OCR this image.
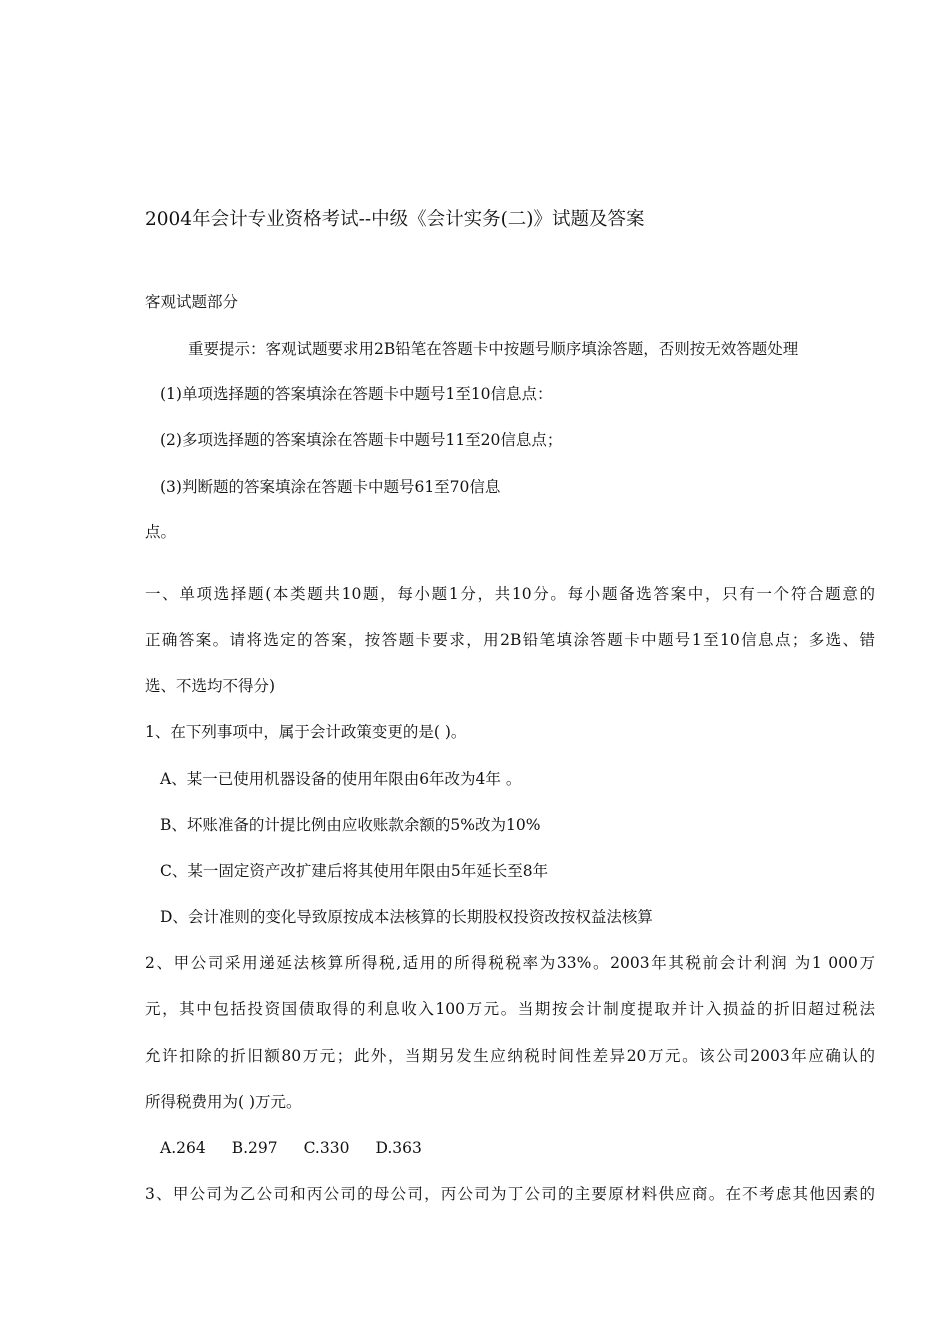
2004年会计专业资格考试--中级《会计实务(二)》试题及答案
客观试题部分
重要提示：客观试题要求用2B铅笔在答题卡中按题号顺序填涂答题，否则按无效答题处理
(1)单项选择题的答案填涂在答题卡中题号1至10信息点：
(2)多项选择题的答案填涂在答题卡中题号11至20信息点；
(3)判断题的答案填涂在答题卡中题号61至70信息
点。
一、单项选择题(本类题共10题，每小题1分，共10分。每小题备选答案中，只有一个符合题意的
正确答案。请将选定的答案，按答题卡要求，用2B铅笔填涂答题卡中题号1至10信息点；多选、错
选、不选均不得分)
1、在下列事项中，属于会计政策变更的是( )。
A、某一已使用机器设备的使用年限由6年改为4年 。
B、坏账准备的计提比例由应收账款余额的5%改为10%
C、某一固定资产改扩建后将其使用年限由5年延长至8年
D、会计准则的变化导致原按成本法核算的长期股权投资改按权益法核算
2、甲公司采用递延法核算所得税,适用的所得税税率为33%。2003年其税前会计利润 为1 000万
元，其中包括投资国债取得的利息收入100万元。当期按会计制度提取并计入损益的折旧超过税法
允许扣除的折旧额80万元；此外，当期另发生应纳税时间性差异20万元。该公司2003年应确认的
所得税费用为( )万元。
A.264 B.297 C.330 D.363
3、甲公司为乙公司和丙公司的母公司，丙公司为丁公司的主要原材料供应商。在不考虑其他因素的
